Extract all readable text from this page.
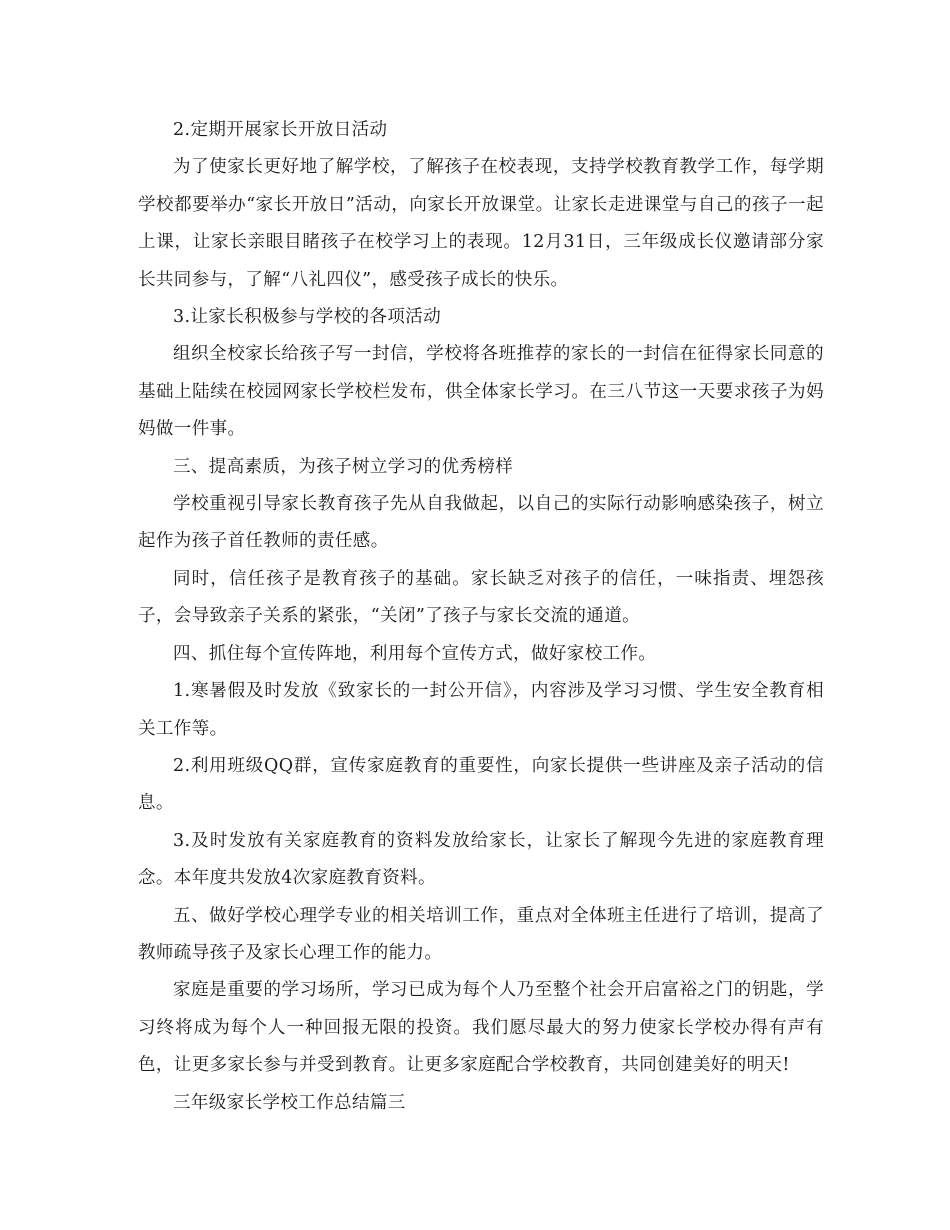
2.定期开展家长开放日活动

为了使家长更好地了解学校，了解孩子在校表现，支持学校教育教学工作，每学期学校都要举办“家长开放日”活动，向家长开放课堂。让家长走进课堂与自己的孩子一起上课，让家长亲眼目睹孩子在校学习上的表现。12月31日，三年级成长仪邀请部分家长共同参与，了解“八礼四仪”，感受孩子成长的快乐。

3.让家长积极参与学校的各项活动

组织全校家长给孩子写一封信，学校将各班推荐的家长的一封信在征得家长同意的基础上陆续在校园网家长学校栏发布，供全体家长学习。在三八节这一天要求孩子为妈妈做一件事。

三、提高素质，为孩子树立学习的优秀榜样

学校重视引导家长教育孩子先从自我做起，以自己的实际行动影响感染孩子，树立起作为孩子首任教师的责任感。

同时，信任孩子是教育孩子的基础。家长缺乏对孩子的信任，一味指责、埋怨孩子，会导致亲子关系的紧张，“关闭”了孩子与家长交流的通道。

四、抓住每个宣传阵地，利用每个宣传方式，做好家校工作。

1.寒暑假及时发放《致家长的一封公开信》，内容涉及学习习惯、学生安全教育相关工作等。

2.利用班级QQ群，宣传家庭教育的重要性，向家长提供一些讲座及亲子活动的信息。

3.及时发放有关家庭教育的资料发放给家长，让家长了解现今先进的家庭教育理念。本年度共发放4次家庭教育资料。

五、做好学校心理学专业的相关培训工作，重点对全体班主任进行了培训，提高了教师疏导孩子及家长心理工作的能力。

家庭是重要的学习场所，学习已成为每个人乃至整个社会开启富裕之门的钥匙，学习终将成为每个人一种回报无限的投资。我们愿尽最大的努力使家长学校办得有声有色，让更多家长参与并受到教育。让更多家庭配合学校教育，共同创建美好的明天!

三年级家长学校工作总结篇三
